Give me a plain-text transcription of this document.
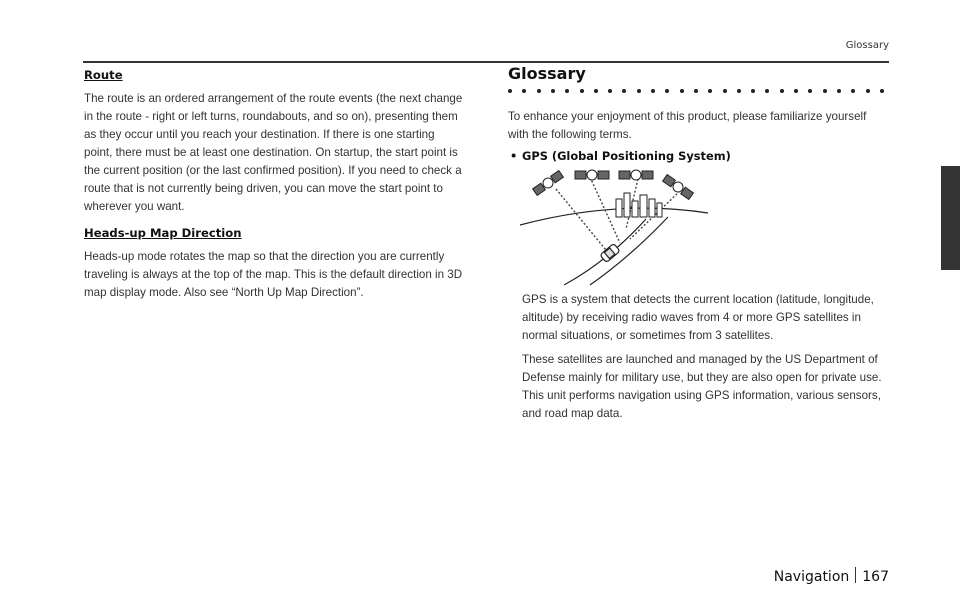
Glossary

Route

The route is an ordered arrangement of the route events (the next change in the route - right or left turns, roundabouts, and so on), presenting them as they occur until you reach your destination. If there is one starting point, there must be at least one destination. On startup, the start point is the current position (or the last confirmed position). If you need to check a route that is not currently being driven, you can move the start point to wherever you want.

Heads-up Map Direction

Heads-up mode rotates the map so that the direction you are currently traveling is always at the top of the map. This is the default direction in 3D map display mode. Also see “North Up Map Direction”.

Glossary

To enhance your enjoyment of this product, please familiarize yourself with the following terms.

• GPS (Global Positioning System)

GPS is a system that detects the current location (latitude, longitude, altitude) by receiving radio waves from 4 or more GPS satellites in normal situations, or sometimes from 3 satellites.

These satellites are launched and managed by the US Department of Defense mainly for military use, but they are also open for private use. This unit performs navigation using GPS information, various sensors, and road map data.

Navigation 167
